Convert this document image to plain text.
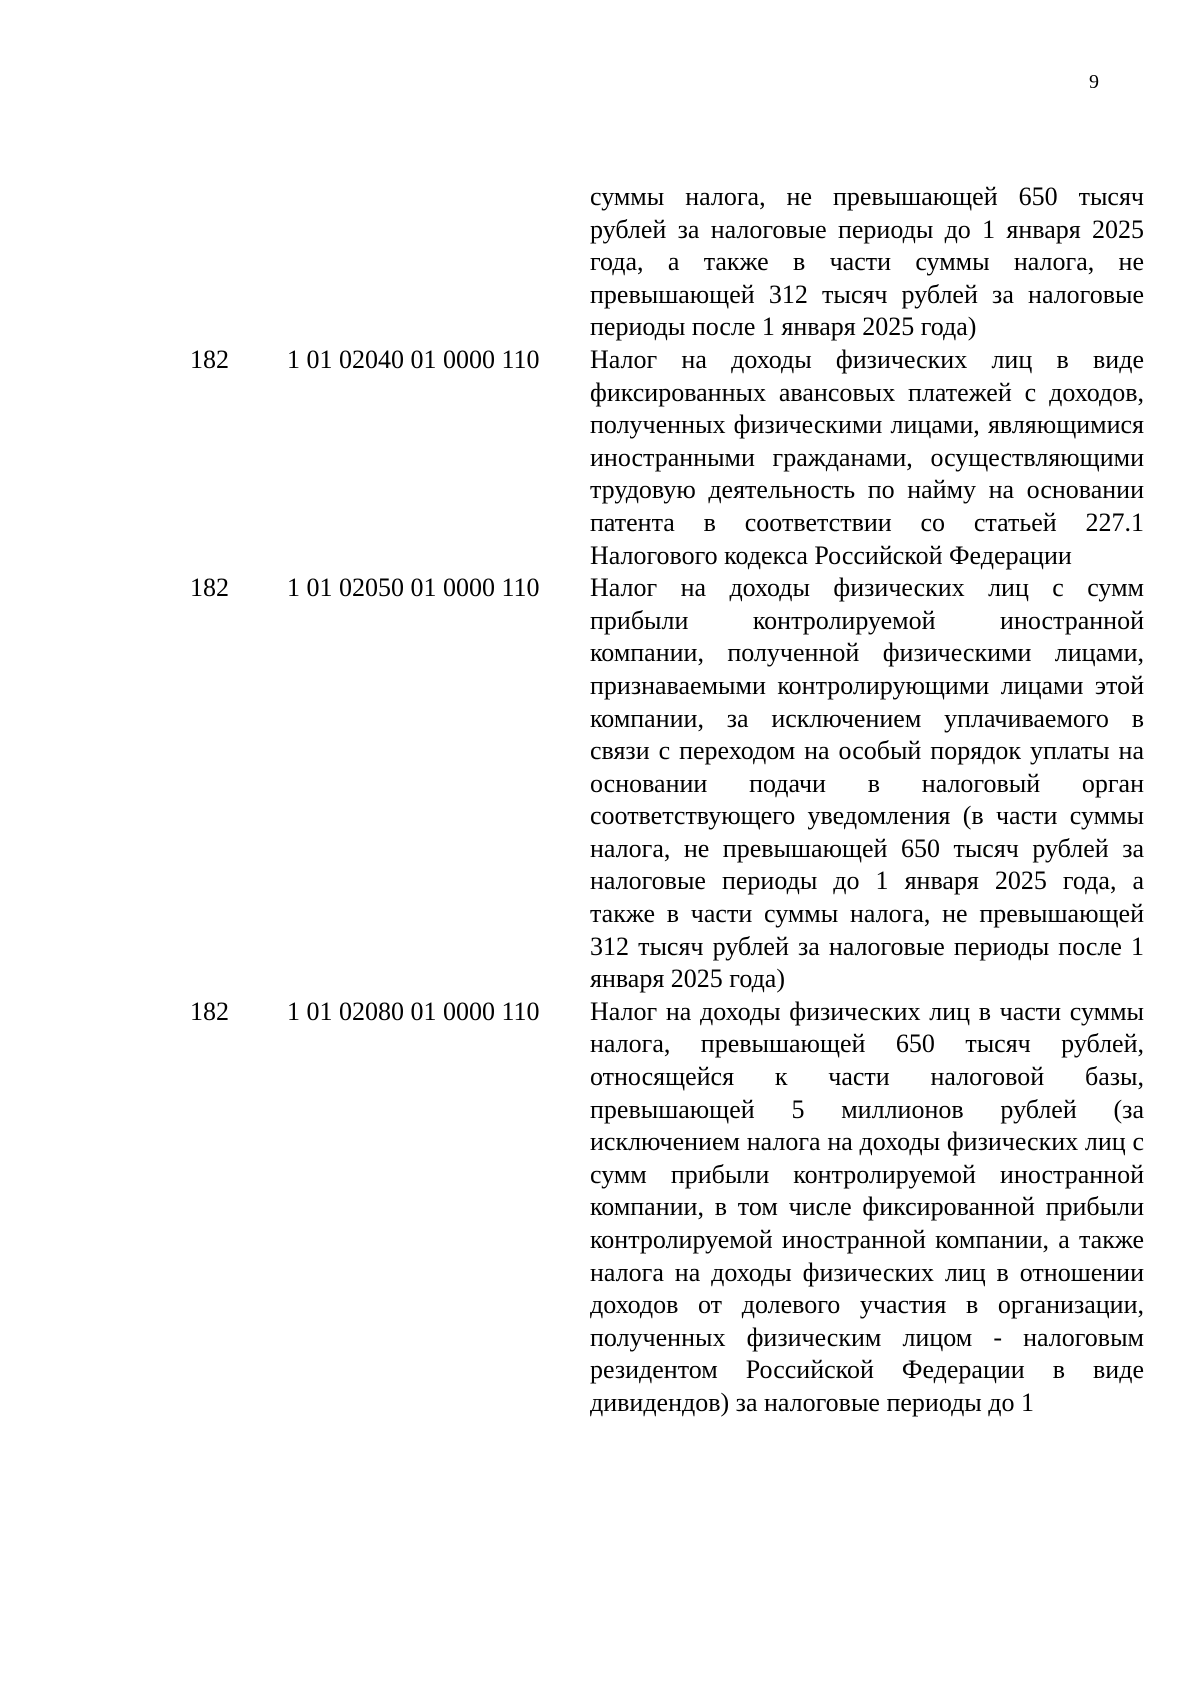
9
суммы налога, не превышающей 650 тысяч рублей за налоговые периоды до 1 января 2025 года, а также в части суммы налога, не превышающей 312 тысяч рублей за налоговые периоды после 1 января 2025 года)
182	1 01 02040 01 0000 110	Налог на доходы физических лиц в виде фиксированных авансовых платежей с доходов, полученных физическими лицами, являющимися иностранными гражданами, осуществляющими трудовую деятельность по найму на основании патента в соответствии со статьей 227.1 Налогового кодекса Российской Федерации
182	1 01 02050 01 0000 110	Налог на доходы физических лиц с сумм прибыли контролируемой иностранной компании, полученной физическими лицами, признаваемыми контролирующими лицами этой компании, за исключением уплачиваемого в связи с переходом на особый порядок уплаты на основании подачи в налоговый орган соответствующего уведомления (в части суммы налога, не превышающей 650 тысяч рублей за налоговые периоды до 1 января 2025 года, а также в части суммы налога, не превышающей 312 тысяч рублей за налоговые периоды после 1 января 2025 года)
182	1 01 02080 01 0000 110	Налог на доходы физических лиц в части суммы налога, превышающей 650 тысяч рублей, относящейся к части налоговой базы, превышающей 5 миллионов рублей (за исключением налога на доходы физических лиц с сумм прибыли контролируемой иностранной компании, в том числе фиксированной прибыли контролируемой иностранной компании, а также налога на доходы физических лиц в отношении доходов от долевого участия в организации, полученных физическим лицом - налоговым резидентом Российской Федерации в виде дивидендов) за налоговые периоды до 1
